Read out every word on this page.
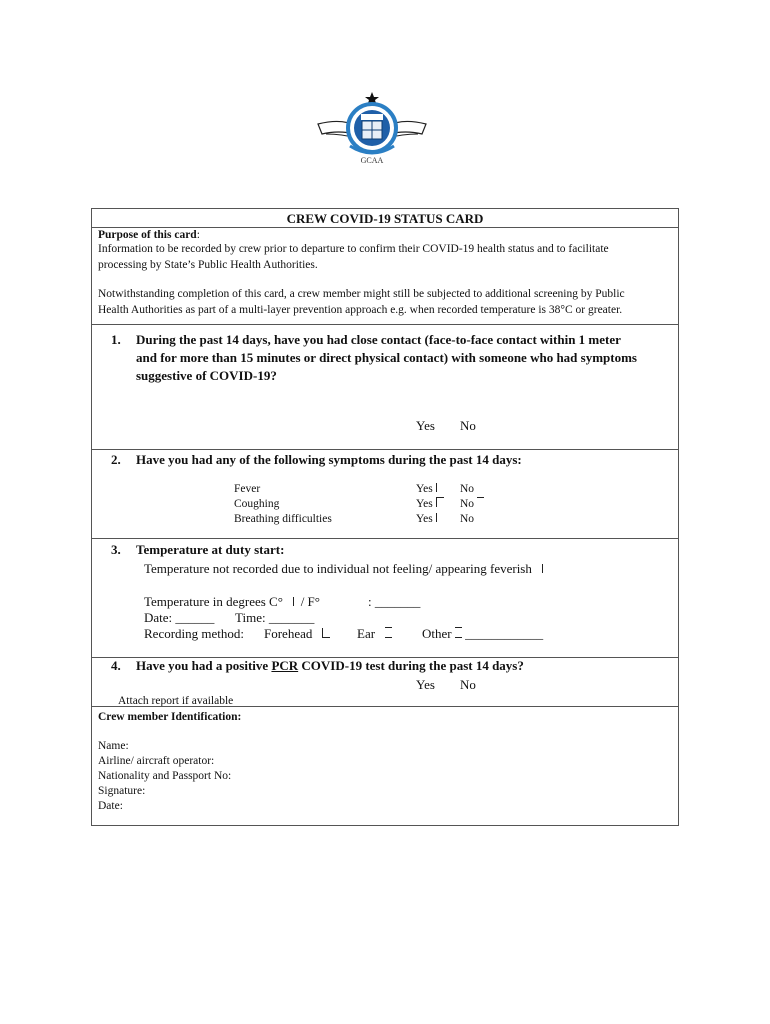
GCAA
CREW COVID-19 STATUS CARD
Purpose of this card:
Information to be recorded by crew prior to departure to confirm their COVID-19 health status and to facilitate
processing by State’s Public Health Authorities.
Notwithstanding completion of this card, a crew member might still be subjected to additional screening by Public
Health Authorities as part of a multi-layer prevention approach e.g. when recorded temperature is 38°C or greater.
1. During the past 14 days, have you had close contact (face-to-face contact within 1 meter
and for more than 15 minutes or direct physical contact) with someone who had symptoms
suggestive of COVID-19?
Yes No
2. Have you had any of the following symptoms during the past 14 days:
Fever	Yes	No
Coughing	Yes	No
Breathing difficulties	Yes	No
3. Temperature at duty start:
Temperature not recorded due to individual not feeling/ appearing feverish
Temperature in degrees C° / F°	: _______
Date: ______ Time: _______
Recording method: Forehead	Ear	Other ____________
4. Have you had a positive PCR COVID-19 test during the past 14 days?
Yes No
Attach report if available
Crew member Identification:
Name:
Airline/ aircraft operator:
Nationality and Passport No:
Signature:
Date:
